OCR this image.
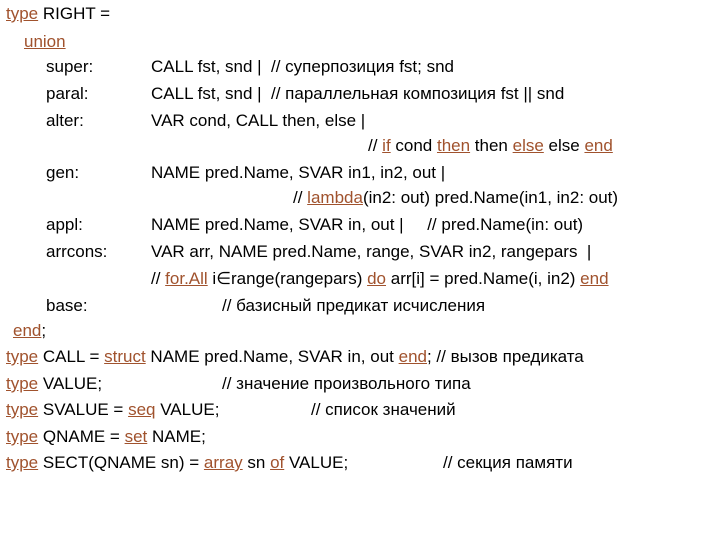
type RIGHT =
union
super:	CALL fst, snd |  // суперпозиция fst; snd
paral:	CALL fst, snd |  // параллельная композиция fst || snd
alter:	VAR cond, CALL then, else |
// if cond then then else else end
gen:	NAME pred.Name, SVAR in1, in2, out |
// lambda(in2: out) pred.Name(in1, in2: out)
appl:	NAME pred.Name, SVAR in, out |     // pred.Name(in: out)
arrcons:	VAR arr, NAME pred.Name, range, SVAR in2, rangepars  |
// for.All i∈range(rangepars) do arr[i] = pred.Name(i, in2) end
base:	// базисный предикат исчисления
end;
type CALL = struct NAME pred.Name, SVAR in, out end; // вызов предиката
type VALUE;	// значение произвольного типа
type SVALUE = seq VALUE;	// список значений
type QNAME = set NAME;
type SECT(QNAME sn) = array sn of VALUE;	// секция памяти
